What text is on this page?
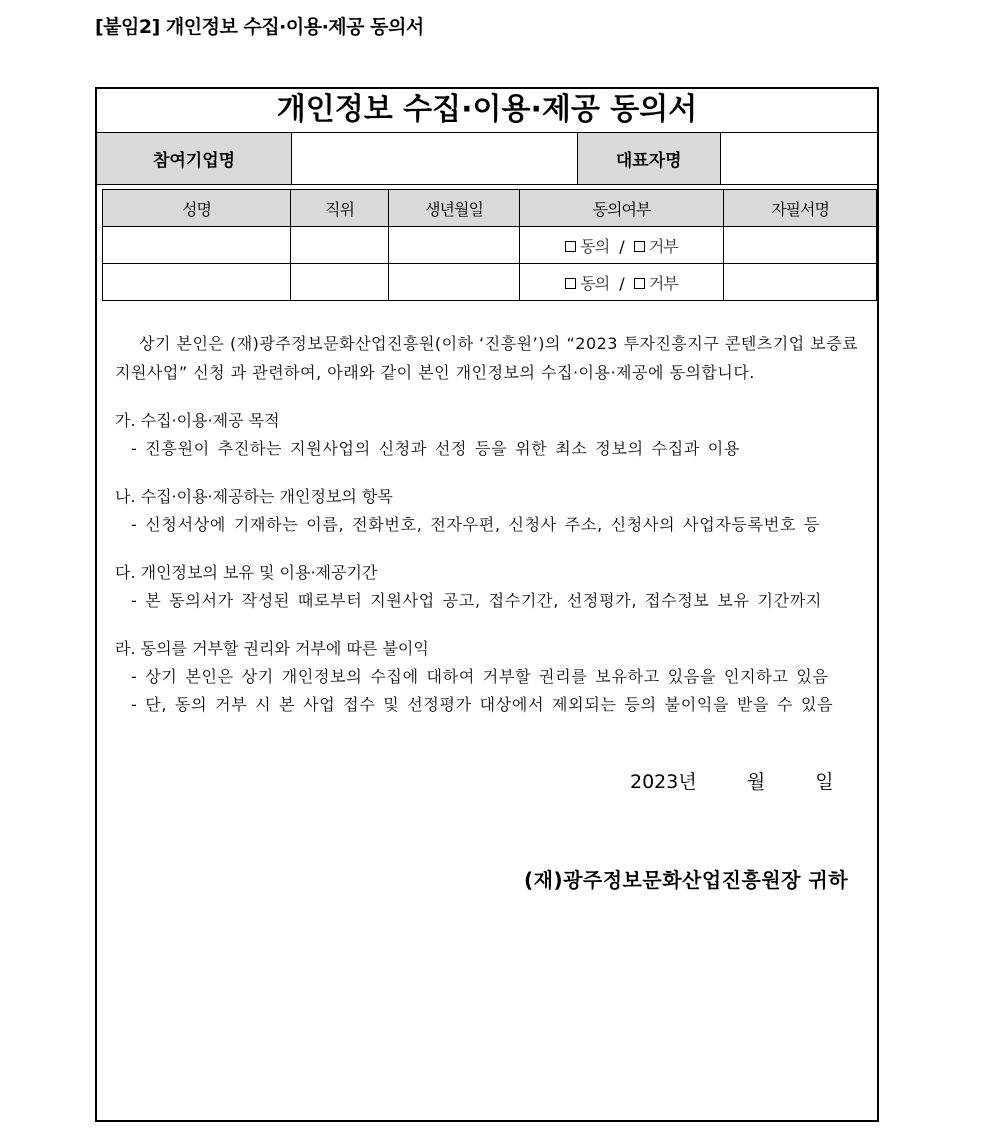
[붙임2] 개인정보 수집·이용·제공 동의서
개인정보 수집·이용·제공 동의서
참여기업명	대표자명
성명	직위	생년월일	동의여부	자필서명
			동의 / 거부	
			동의 / 거부	

상기 본인은 (재)광주정보문화산업진흥원(이하 ‘진흥원’)의 “2023 투자진흥지구 콘텐츠기업 보증료 지원사업” 신청 과 관련하여, 아래와 같이 본인 개인정보의 수집·이용·제공에 동의합니다.

가. 수집·이용·제공 목적
- 진흥원이 추진하는 지원사업의 신청과 선정 등을 위한 최소 정보의 수집과 이용
나. 수집·이용·제공하는 개인정보의 항목
- 신청서상에 기재하는 이름, 전화번호, 전자우편, 신청사 주소, 신청사의 사업자등록번호 등
다. 개인정보의 보유 및 이용·제공기간
- 본 동의서가 작성된 때로부터 지원사업 공고, 접수기간, 선정평가, 접수정보 보유 기간까지
라. 동의를 거부할 권리와 거부에 따른 불이익
- 상기 본인은 상기 개인정보의 수집에 대하여 거부할 권리를 보유하고 있음을 인지하고 있음
- 단, 동의 거부 시 본 사업 접수 및 선정평가 대상에서 제외되는 등의 불이익을 받을 수 있음
2023년	월	일
(재)광주정보문화산업진흥원장 귀하
